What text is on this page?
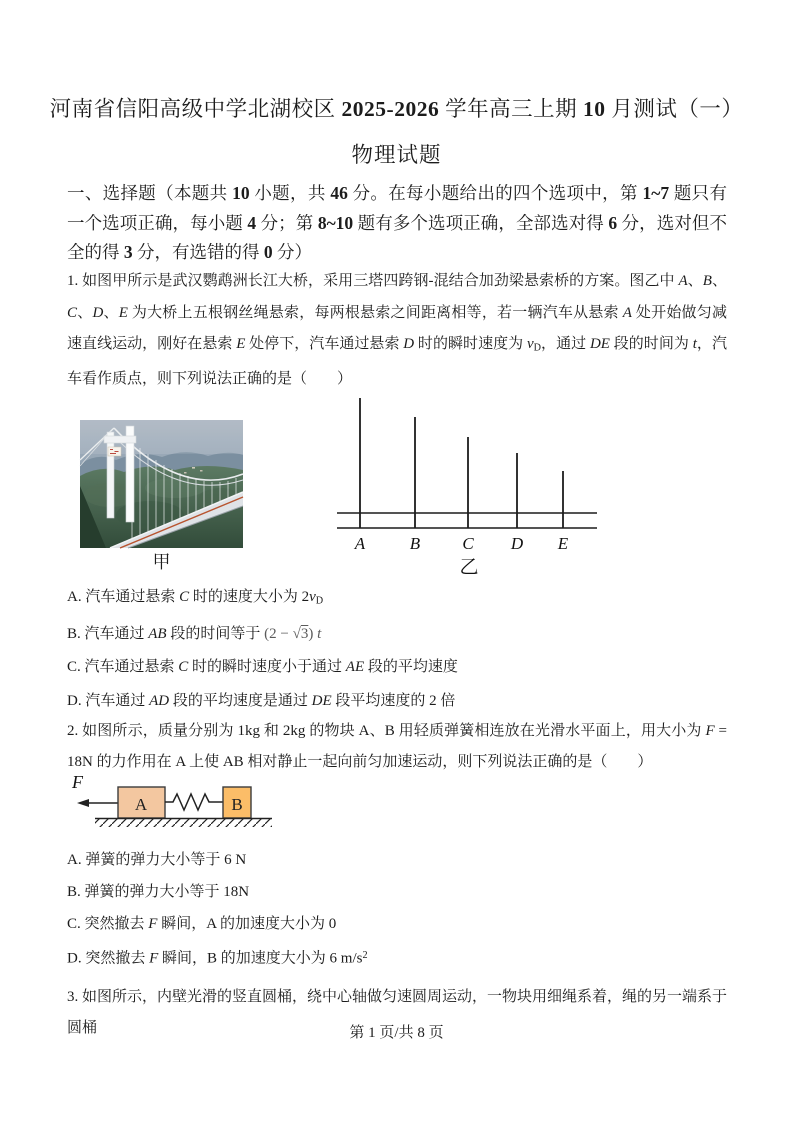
河南省信阳高级中学北湖校区 2025-2026 学年高三上期 10 月测试（一）
物理试题
一、选择题（本题共 10 小题，共 46 分。在每小题给出的四个选项中，第 1~7 题只有一个选项正确，每小题 4 分；第 8~10 题有多个选项正确，全部选对得 6 分，选对但不全的得 3 分，有选错的得 0 分）
1. 如图甲所示是武汉鹦鹉洲长江大桥，采用三塔四跨钢-混结合加劲梁悬索桥的方案。图乙中 A、B、C、D、E 为大桥上五根钢丝绳悬索，每两根悬索之间距离相等，若一辆汽车从悬索 A 处开始做匀减速直线运动，刚好在悬索 E 处停下，汽车通过悬索 D 时的瞬时速度为 $v_D$，通过 DE 段的时间为 t，汽车看作质点，则下列说法正确的是（　　）
甲
A	B C D E
乙
A. 汽车通过悬索 C 时的速度大小为 $2v_D$
B. 汽车通过 AB 段的时间等于 (2 − √3) t
C. 汽车通过悬索 C 时的瞬时速度小于通过 AE 段的平均速度
D. 汽车通过 AD 段的平均速度是通过 DE 段平均速度的 2 倍
2. 如图所示，质量分别为 1kg 和 2kg 的物块 A、B 用轻质弹簧相连放在光滑水平面上，用大小为 F = 18N 的力作用在 A 上使 AB 相对静止一起向前匀加速运动，则下列说法正确的是（　　）
F
A	B
A. 弹簧的弹力大小等于 6 N
B. 弹簧的弹力大小等于 18N
C. 突然撤去 F 瞬间，A 的加速度大小为 0
D. 突然撤去 F 瞬间，B 的加速度大小为 6 $m/s^2$
3. 如图所示，内壁光滑的竖直圆桶，绕中心轴做匀速圆周运动，一物块用细绳系着，绳的另一端系于圆桶	第 1 页/共 8 页
